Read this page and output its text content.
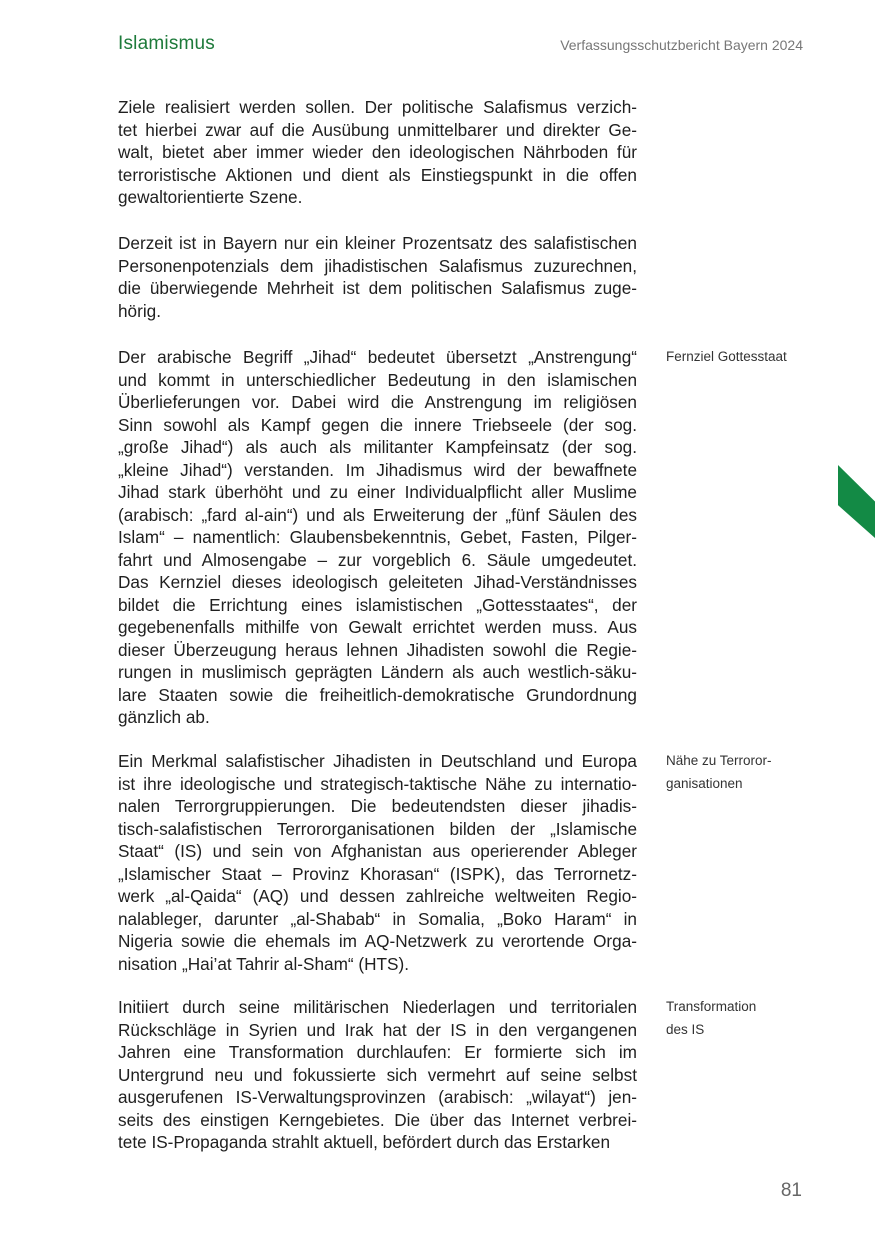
Islamismus	Verfassungsschutzbericht Bayern 2024
Ziele realisiert werden sollen. Der politische Salafismus verzich-
tet hierbei zwar auf die Ausübung unmittelbarer und direkter Ge-
walt, bietet aber immer wieder den ideologischen Nährboden für
terroristische Aktionen und dient als Einstiegspunkt in die offen
gewaltorientierte Szene.
Derzeit ist in Bayern nur ein kleiner Prozentsatz des salafistischen
Personenpotenzials dem jihadistischen Salafismus zuzurechnen,
die überwiegende Mehrheit ist dem politischen Salafismus zuge-
hörig.
Der arabische Begriff „Jihad“ bedeutet übersetzt „Anstrengung“
und kommt in unterschiedlicher Bedeutung in den islamischen
Überlieferungen vor. Dabei wird die Anstrengung im religiösen
Sinn sowohl als Kampf gegen die innere Triebseele (der sog.
„große Jihad“) als auch als militanter Kampfeinsatz (der sog.
„kleine Jihad“) verstanden. Im Jihadismus wird der bewaffnete
Jihad stark überhöht und zu einer Individualpflicht aller Muslime
(arabisch: „fard al-ain“) und als Erweiterung der „fünf Säulen des
Islam“ – namentlich: Glaubensbekenntnis, Gebet, Fasten, Pilger-
fahrt und Almosengabe – zur vorgeblich 6. Säule umgedeutet.
Das Kernziel dieses ideologisch geleiteten Jihad-Verständnisses
bildet die Errichtung eines islamistischen „Gottesstaates“, der
gegebenenfalls mithilfe von Gewalt errichtet werden muss. Aus
dieser Überzeugung heraus lehnen Jihadisten sowohl die Regie-
rungen in muslimisch geprägten Ländern als auch westlich-säku-
lare Staaten sowie die freiheitlich-demokratische Grundordnung
gänzlich ab.
Ein Merkmal salafistischer Jihadisten in Deutschland und Europa
ist ihre ideologische und strategisch-taktische Nähe zu internatio-
nalen Terrorgruppierungen. Die bedeutendsten dieser jihadis-
tisch-salafistischen Terrororganisationen bilden der „Islamische
Staat“ (IS) und sein von Afghanistan aus operierender Ableger
„Islamischer Staat – Provinz Khorasan“ (ISPK), das Terrornetz-
werk „al-Qaida“ (AQ) und dessen zahlreiche weltweiten Regio-
nalableger, darunter „al-Shabab“ in Somalia, „Boko Haram“ in
Nigeria sowie die ehemals im AQ-Netzwerk zu verortende Orga-
nisation „Hai’at Tahrir al-Sham“ (HTS).
Initiiert durch seine militärischen Niederlagen und territorialen
Rückschläge in Syrien und Irak hat der IS in den vergangenen
Jahren eine Transformation durchlaufen: Er formierte sich im
Untergrund neu und fokussierte sich vermehrt auf seine selbst
ausgerufenen IS-Verwaltungsprovinzen (arabisch: „wilayat“) jen-
seits des einstigen Kerngebietes. Die über das Internet verbrei-
tete IS-Propaganda strahlt aktuell, befördert durch das Erstarken
Fernziel Gottesstaat
Nähe zu Terroror-
ganisationen
Transformation
des IS
81
